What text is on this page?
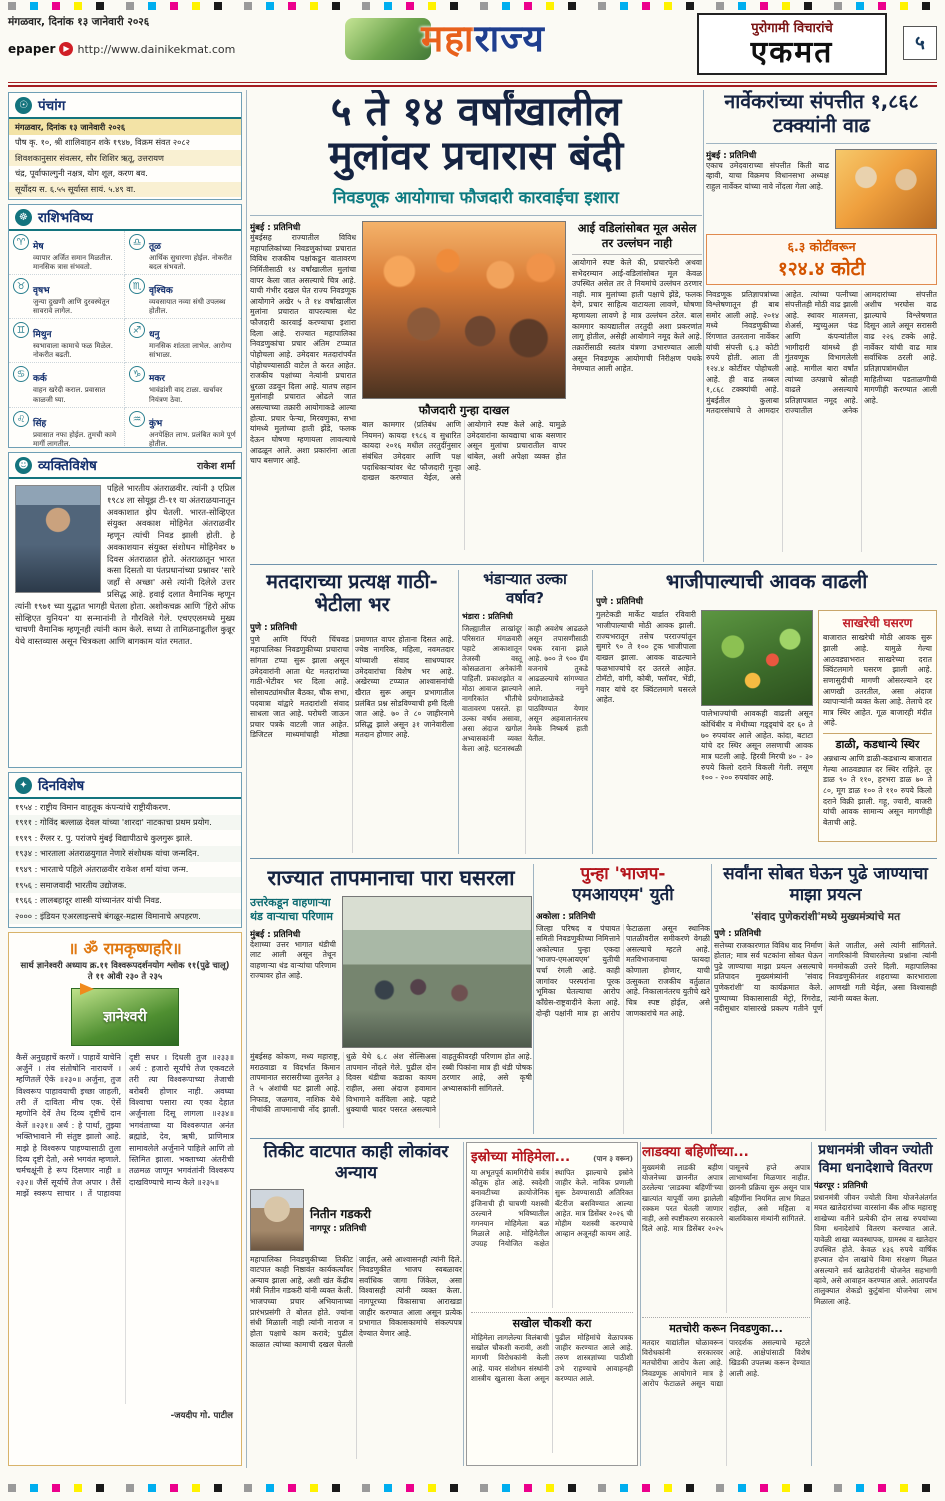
मंगळवार, दिनांक १३ जानेवारी २०२६
epaper ▶ http://www.dainikekmat.com	महाराज्य	पुरोगामी विचारांचे
एकमत	५
☉ पंचांग
मंगळवार, दिनांक १३ जानेवारी २०२६
पौष कृ. १०, श्री शालिवाहन शके १९४७, विक्रम संवत २०८२
शिवशकानुसार संवत्सर, सौर शिशिर ऋतू, उत्तरायण
चंद्र, पूर्वाफाल्गुनी नक्षत्र, योग शूल, करण बव.
सूर्योदय स. ६.५५ सूर्यास्त सायं. ५.४९ वा.
☸ राशिभविष्य
♈ मेष
व्यापार अर्जित समान मिळतील. मानसिक त्रास संभवतो.
♎ तूळ
आर्थिक सुधारणा होईल. नोकरीत बदल संभवतो.
♉ वृषभ
जुन्या दुखणी आणि दुरवस्थेतून सावरावे लागेल.
♏ वृश्चिक
व्यवसायात नव्या संधी उपलब्ध होतील.
♊ मिथुन
स्वभावाला कामाचे फळ मिळेल. नोकरीत बढती.
♐ धनु
मानसिक शांतता लाभेल. आरोग्य सांभाळा.
♋ कर्क
वाहन खरेदी कराल. प्रवासात काळजी घ्या.
♑ मकर
भावंडांशी वाद टाळा. खर्चावर नियंत्रण ठेवा.
♌ सिंह
प्रवासात नफा होईल. तुमची कामे मार्गी लागतील.
♒ कुंभ
अनपेक्षित लाभ. प्रलंबित कामे पूर्ण होतील.
☻ व्यक्तिविशेष	राकेश शर्मा
पहिले भारतीय अंतराळवीर. त्यांनी ३ एप्रिल १९८४ ला सोयूझ टी-११ या अंतराळयानातून अवकाशात झेप घेतली. भारत-सोव्हिएत संयुक्त अवकाश मोहिमेत अंतराळवीर म्हणून त्यांची निवड झाली होती. हे अवकाशयान संयुक्त संशोधन मोहिमेवर ७ दिवस अंतराळात होते. अंतराळातून भारत कसा दिसतो या पंतप्रधानांच्या प्रश्नावर 'सारे जहाँ से अच्छा' असे त्यांनी दिलेले उत्तर प्रसिद्ध आहे. हवाई दलात वैमानिक म्हणून त्यांनी १९७१ च्या युद्धात भागही घेतला होता. अशोकचक्र आणि 'हिरो ऑफ सोव्हिएत युनियन' या सन्मानांनी ते गौरविले गेले. एचएएलमध्ये मुख्य चाचणी वैमानिक म्हणूनही त्यांनी काम केले. सध्या ते तामिळनाडूतील कुन्नूर येथे वास्तव्यास असून चित्रकला आणि बागकाम यांत रमतात.
✦ दिनविशेष
१९५४ : राष्ट्रीय विमान वाहतूक कंपन्यांचे राष्ट्रीयीकरण.
१९११ : गोविंद बल्लाळ देवल यांच्या 'शारदा' नाटकाचा प्रथम प्रयोग.
१९१९ : रँग्लर र. पु. परांजपे मुंबई विद्यापीठाचे कुलगुरू झाले.
१९३४ : भारताला अंतराळयुगात नेणारे संशोधक यांचा जन्मदिन.
१९४९ : भारताचे पहिले अंतराळवीर राकेश शर्मा यांचा जन्म.
१९५६ : समाजवादी भारतीय उद्योजक.
१९६६ : लालबहादूर शास्त्री यांच्यानंतर यांची निवड.
२००० : इंडियन एअरलाइन्सचे बंगळूर-मद्रास विमानाचे अपहरण.
॥ ॐ रामकृष्णहरि॥
सार्थ ज्ञानेश्वरी अध्याय क्र.११ विश्वरूपदर्शनयोग श्लोक ११(पुढे चालू) ते ११ ओवी २३० ते २३५
ज्ञानेश्वरी
कैसें अनुग्रहाचें करणें । पाहावें याचेनि अर्जुनें । तंव संतोषोनि नारायणें । म्हणितलें ऐकें ॥२३०॥ अर्जुना, तुज विश्वरूप पाहावयाची इच्छा जाहली, तरी तें दाविता मीच एक. ऐसें म्हणोनि देवें तेथ दिव्य दृष्टीचें दान केलें ॥२३१॥ अर्थ : हे पार्था, तुझ्या भक्तिभावाने मी संतुष्ट झालो आहे. माझे हे विश्वरूप पाहण्यासाठी तुला दिव्य दृष्टी देतो, असे भगवंत म्हणाले. चर्मचक्षूंनी हे रूप दिसणार नाही ॥२३२॥ जैसें सूर्याचें तेज अपार । तैसें माझें स्वरूप साचार । तें पाहावया दृष्टी सधर । दिधली तुज ॥२३३॥ अर्थ : हजारो सूर्यांचे तेज एकवटले तरी त्या विश्वरूपाच्या तेजाची बरोबरी होणार नाही. अवघ्या विश्वाचा पसारा त्या एका देहात अर्जुनाला दिसू लागला ॥२३४॥ भगवंताच्या या विश्वरूपात अनंत ब्रह्मांडे, देव, ऋषी, प्राणिमात्र सामावलेले अर्जुनाने पाहिले आणि तो स्तिमित झाला. भक्ताच्या अंतरीची तळमळ जाणून भगवंतांनी विश्वरूप दाखविण्याचे मान्य केले ॥२३५॥
-जयदीप गो. पाटील
५ ते १४ वर्षांखालील
मुलांवर प्रचारास बंदी
निवडणूक आयोगाचा फौजदारी कारवाईचा इशारा
मुंबई : प्रतिनिधी
मुंबईसह राज्यातील विविध महापालिकांच्या निवडणुकांच्या प्रचारात विविध राजकीय पक्षांकडून वातावरण निर्मितीसाठी १४ वर्षांखालील मुलांचा वापर केला जात असल्याचे चित्र आहे. याची गंभीर दखल घेत राज्य निवडणूक आयोगाने अखेर ५ ते १४ वर्षांखालील मुलांना प्रचारात वापरल्यास थेट फौजदारी कारवाई करण्याचा इशारा दिला आहे. राज्यात महापालिका निवडणुकांचा प्रचार अंतिम टप्प्यात पोहोचला आहे. उमेदवार मतदारांपर्यंत पोहोचण्यासाठी वाटेल ते करत आहेत. राजकीय पक्षांच्या नेत्यांनी प्रचारात धुरळा उडवून दिला आहे. यातच लहान मुलांनाही प्रचारात ओढले जात असल्याच्या तक्रारी आयोगाकडे आल्या होत्या. प्रचार फेऱ्या, मिरवणुका, सभा यांमध्ये मुलांच्या हाती झेंडे, फलक देऊन घोषणा म्हणायला लावल्याचे आढळून आले. अशा प्रकारांना आता चाप बसणार आहे.
फौजदारी गुन्हा दाखल
बाल कामगार (प्रतिबंध आणि नियमन) कायदा १९८६ व सुधारित कायदा २०१६ मधील तरतुदींनुसार संबंधित उमेदवार आणि पक्ष पदाधिकाऱ्यांवर थेट फौजदारी गुन्हा दाखल करण्यात येईल, असे आयोगाने स्पष्ट केले आहे. यामुळे उमेदवारांना कायद्याचा धाक बसणार असून मुलांचा प्रचारातील वापर थांबेल, अशी अपेक्षा व्यक्त होत आहे.
आई वडिलांसोबत मूल असेल तर उल्लंघन नाही
आयोगाने स्पष्ट केले की, प्रचारफेरी अथवा सभेदरम्यान आई-वडिलांसोबत मूल केवळ उपस्थित असेल तर ते नियमांचे उल्लंघन ठरणार नाही. मात्र मुलांच्या हाती पक्षाचे झेंडे, फलक देणे, प्रचार साहित्य वाटायला लावणे, घोषणा म्हणायला लावणे हे मात्र उल्लंघन ठरेल. बाल कामगार कायद्यातील तरतुदी अशा प्रकरणांत लागू होतील, असेही आयोगाने नमूद केले आहे. तक्रारींसाठी स्वतंत्र यंत्रणा उभारण्यात आली असून निवडणूक आयोगाची निरीक्षण पथके नेमण्यात आली आहेत.
नार्वेकरांच्या संपत्तीत १,८६८ टक्क्यांनी वाढ
मुंबई : प्रतिनिधी
एकाच उमेदवाराच्या संपत्तीत किती वाढ व्हावी, याचा विक्रमच विधानसभा अध्यक्ष राहुल नार्वेकर यांच्या नावे नोंदला गेला आहे.
६.३ कोटींवरून
१२४.४ कोटी
निवडणूक प्रतिज्ञापत्रांच्या विश्लेषणातून ही बाब समोर आली आहे. २०१४ मध्ये निवडणुकीच्या रिंगणात उतरताना नार्वेकर यांची संपत्ती ६.३ कोटी रुपये होती. आता ती १२४.४ कोटींवर पोहोचली आहे. ही वाढ तब्बल १,८६८ टक्क्यांची आहे. मुंबईतील कुलाबा मतदारसंघाचे ते आमदार आहेत. त्यांच्या पत्नीच्या संपत्तीतही मोठी वाढ झाली आहे. स्थावर मालमत्ता, शेअर्स, म्युच्युअल फंड आणि कंपन्यांतील भागीदारी यांमध्ये ही गुंतवणूक विभागलेली आहे. मागील बारा वर्षांत त्यांच्या उत्पन्नाचे स्रोतही वाढले असल्याचे प्रतिज्ञापत्रात नमूद आहे. राज्यातील अनेक आमदारांच्या संपत्तीत अशीच भरघोस वाढ झाल्याचे विश्लेषणात दिसून आले असून सरासरी वाढ २२६ टक्के आहे. नार्वेकर यांची वाढ मात्र सर्वाधिक ठरली आहे. प्रतिज्ञापत्रांमधील माहितीच्या पडताळणीची मागणीही करण्यात आली आहे.
मतदाराच्या प्रत्यक्ष गाठी-भेटीला भर
पुणे : प्रतिनिधी
पुणे आणि पिंपरी चिंचवड महापालिका निवडणुकीच्या प्रचाराचा सांगता टप्पा सुरू झाला असून उमेदवारांनी आता थेट मतदारांच्या गाठी-भेटीवर भर दिला आहे. सोसायट्यांमधील बैठका, चौक सभा, पदयात्रा यांद्वारे मतदारांशी संवाद साधला जात आहे. घरोघरी जाऊन प्रचार पत्रके वाटली जात आहेत. डिजिटल माध्यमांचाही मोठ्या प्रमाणात वापर होताना दिसत आहे. ज्येष्ठ नागरिक, महिला, नवमतदार यांच्याशी संवाद साधण्यावर उमेदवारांचा विशेष भर आहे. अखेरच्या टप्प्यात आश्वासनांची खैरात सुरू असून प्रभागातील प्रलंबित प्रश्न सोडविण्याची हमी दिली जात आहे. ७० ते ८० जाहीरनामे प्रसिद्ध झाले असून ३१ जानेवारीला मतदान होणार आहे.
भंडाऱ्यात उल्का वर्षाव?
भंडारा : प्रतिनिधी
जिल्ह्यातील लाखांदूर परिसरात मंगळवारी पहाटे आकाशातून तेजस्वी वस्तू कोसळताना अनेकांनी पाहिली. प्रकाशझोत व मोठा आवाज झाल्याने नागरिकांत भीतीचे वातावरण पसरले. हा उल्का वर्षाव असावा, असा अंदाज खगोल अभ्यासकांनी व्यक्त केला आहे. घटनास्थळी काही अवशेष आढळले असून तपासणीसाठी पथक रवाना झाले आहे. ७०० ते ९०० ग्रॅम वजनाचे तुकडे आढळल्याचे सांगण्यात आले. नमुने प्रयोगशाळेकडे पाठविण्यात येणार असून अहवालानंतरच नेमके निष्कर्ष हाती येतील.
भाजीपाल्याची आवक वाढली
पुणे : प्रतिनिधी
गुलटेकडी मार्केट यार्डात रविवारी भाजीपाल्याची मोठी आवक झाली. राज्यभरातून तसेच परराज्यांतून सुमारे ९० ते १०० ट्रक भाजीपाला दाखल झाला. आवक वाढल्याने फळभाज्यांचे दर उतरले आहेत. टोमॅटो, वांगी, कोबी, फ्लॉवर, भेंडी, गवार यांचे दर क्विंटलमागे घसरले आहेत.
पालेभाज्यांची आवकही वाढली असून कोथिंबीर व मेथीच्या गड्ड्यांचे दर ६० ते ७० रुपयांवर आले आहेत. कांदा, बटाटा यांचे दर स्थिर असून लसणाची आवक मात्र घटली आहे. हिरवी मिरची ४० - ३० रुपये किलो दराने विकली गेली. लसूण १०० - २०० रुपयांवर आहे.
साखरेची घसरण
बाजारात साखरेची मोठी आवक सुरू झाली आहे. यामुळे गेल्या आठवड्याभरात साखरेच्या दरात क्विंटलमागे घसरण झाली आहे. सणासुदीची मागणी ओसरल्याने दर आणखी उतरतील, असा अंदाज व्यापाऱ्यांनी व्यक्त केला आहे. तेलाचे दर मात्र स्थिर आहेत. गूळ बाजारही मंदीत आहे.
डाळी, कडधान्ये स्थिर
अन्नधान्य आणि डाळी-कडधान्य बाजारात गेल्या आठवड्यात दर स्थिर राहिले. तूर डाळ ९० ते ११०, हरभरा डाळ ७० ते ८०, मूग डाळ १०० ते ११० रुपये किलो दराने विक्री झाली. गहू, ज्वारी, बाजरी यांची आवक सामान्य असून मागणीही बेताची आहे.
राज्यात तापमानाचा पारा घसरला
उत्तरेकडून वाहणाऱ्या थंड वाऱ्याचा परिणाम
मुंबई : प्रतिनिधी
देशाच्या उत्तर भागात थंडीची लाट आली असून तेथून वाहणाऱ्या थंड वाऱ्यांचा परिणाम राज्यावर होत आहे.
मुंबईसह कोकण, मध्य महाराष्ट्र, मराठवाडा व विदर्भात किमान तापमानात सरासरीच्या तुलनेत ३ ते ५ अंशांची घट झाली आहे. निफाड, जळगाव, नाशिक येथे नीचांकी तापमानाची नोंद झाली. धुळे येथे ६.८ अंश सेल्सिअस तापमान नोंदले गेले. पुढील दोन दिवस थंडीचा कडाका कायम राहील, असा अंदाज हवामान विभागाने वर्तविला आहे. पहाटे धुक्याची चादर पसरत असल्याने वाहतुकीवरही परिणाम होत आहे. रब्बी पिकांना मात्र ही थंडी पोषक ठरणार आहे, असे कृषी अभ्यासकांनी सांगितले.
पुन्हा 'भाजप-
एमआयएम' युती
अकोला : प्रतिनिधी
जिल्हा परिषद व पंचायत समिती निवडणुकीच्या निमित्ताने अकोल्यात पुन्हा एकदा 'भाजप-एमआयएम' युतीची चर्चा रंगली आहे. काही जागांवर परस्परांना पूरक भूमिका घेतल्याचा आरोप काँग्रेस-राष्ट्रवादीने केला आहे. दोन्ही पक्षांनी मात्र हा आरोप फेटाळला असून स्थानिक पातळीवरील समीकरणे वेगळी असल्याचे म्हटले आहे. मतविभाजनाचा फायदा कोणाला होणार, याची उत्सुकता राजकीय वर्तुळात आहे. निकालानंतरच युतीचे खरे चित्र स्पष्ट होईल, असे जाणकारांचे मत आहे.
सर्वांना सोबत घेऊन पुढे जाण्याचा माझा प्रयत्न
'संवाद पुणेकरांशी'मध्ये मुख्यमंत्र्यांचे मत
पुणे : प्रतिनिधी
सत्तेच्या राजकारणात विविध वाद निर्माण होतात; मात्र सर्व घटकांना सोबत घेऊन पुढे जाण्याचा माझा प्रयत्न असल्याचे प्रतिपादन मुख्यमंत्र्यांनी 'संवाद पुणेकरांशी' या कार्यक्रमात केले. पुण्याच्या विकासासाठी मेट्रो, रिंगरोड, नदीसुधार यांसारखे प्रकल्प गतीने पूर्ण केले जातील, असे त्यांनी सांगितले. नागरिकांनी विचारलेल्या प्रश्नांना त्यांनी मनमोकळी उत्तरे दिली. महापालिका निवडणुकीनंतर शहराच्या कारभाराला आणखी गती येईल, असा विश्वासही त्यांनी व्यक्त केला.
तिकीट वाटपात काही लोकांवर अन्याय
नितीन गडकरी
नागपूर : प्रतिनिधी
महापालिका निवडणुकीच्या तिकीट वाटपात काही निष्ठावंत कार्यकर्त्यांवर अन्याय झाला आहे, अशी खंत केंद्रीय मंत्री नितीन गडकरी यांनी व्यक्त केली. भाजपच्या प्रचार अभियानाच्या प्रारंभप्रसंगी ते बोलत होते. ज्यांना संधी मिळाली नाही त्यांनी नाराज न होता पक्षाचे काम करावे; पुढील काळात त्यांच्या कामाची दखल घेतली जाईल, असे आश्वासनही त्यांनी दिले. निवडणुकीत भाजप स्वबळावर सर्वाधिक जागा जिंकेल, असा विश्वासही त्यांनी व्यक्त केला. नागपूरच्या विकासाचा आराखडा जाहीर करण्यात आला असून प्रत्येक प्रभागात विकासकामांचे संकल्पपत्र देण्यात येणार आहे.
इस्रोच्या मोहिमेला...	(पान ३ वरून)
या अभूतपूर्व कामगिरीचे सर्वत्र कौतुक होत आहे. स्वदेशी बनावटीच्या क्रायोजेनिक इंजिनाची ही चाचणी यशस्वी ठरल्याने भविष्यातील गगनयान मोहिमेला बळ मिळाले आहे. मोहिमेतील उपग्रह नियोजित कक्षेत स्थापित झाल्याचे इस्रोने जाहीर केले. नाविक प्रणाली सुरू ठेवण्यासाठी अतिरिक्त बॅटरीज बसविण्यात आल्या आहेत. मात्र डिसेंबर २०२६ ची मोहीम यशस्वी करण्याचे आव्हान अजूनही कायम आहे.
सखोल चौकशी करा
मोहिमेला लागलेल्या विलंबाची सखोल चौकशी करावी, अशी मागणी विरोधकांनी केली आहे. यावर संशोधन संस्थांनी शास्त्रीय खुलासा केला असून पुढील मोहिमांचे वेळापत्रक जाहीर करण्यात आले आहे. तरुण शास्त्रज्ञांच्या पाठीशी उभे राहण्याचे आवाहनही करण्यात आले.
लाडक्या बहिणींच्या...
मुख्यमंत्री लाडकी बहीण योजनेच्या छाननीत अपात्र ठरलेल्या 'लाडक्या बहिणीं'च्या खात्यांत यापूर्वी जमा झालेली रक्कम परत घेतली जाणार नाही, असे स्पष्टीकरण सरकारने दिले आहे. मात्र डिसेंबर २०२५ पासूनचे हप्ते अपात्र लाभार्थ्यांना मिळणार नाहीत. छाननी प्रक्रिया सुरू असून पात्र बहिणींना नियमित लाभ मिळत राहील, असे महिला व बालविकास मंत्र्यांनी सांगितले.
मतचोरी करून निवडणुका...
मतदार याद्यांतील घोळावरून विरोधकांनी सरकारवर मतचोरीचा आरोप केला आहे. निवडणूक आयोगाने मात्र हे आरोप फेटाळले असून याद्या पारदर्शक असल्याचे म्हटले आहे. आक्षेपांसाठी विशेष खिडकी उपलब्ध करून देण्यात आली आहे.
प्रधानमंत्री जीवन ज्योती विमा धनादेशाचे वितरण
पंढरपूर : प्रतिनिधी
प्रधानमंत्री जीवन ज्योती विमा योजनेअंतर्गत मयत खातेदारांच्या वारसांना बँक ऑफ महाराष्ट्र शाखेच्या वतीने प्रत्येकी दोन लाख रुपयांच्या विमा धनादेशांचे वितरण करण्यात आले. यावेळी शाखा व्यवस्थापक, ग्रामस्थ व खातेदार उपस्थित होते. केवळ ४३६ रुपये वार्षिक हप्त्यात दोन लाखांचे विमा संरक्षण मिळत असल्याने सर्व खातेदारांनी योजनेत सहभागी व्हावे, असे आवाहन करण्यात आले. आतापर्यंत तालुक्यात शेकडो कुटुंबांना योजनेचा लाभ मिळाला आहे.
